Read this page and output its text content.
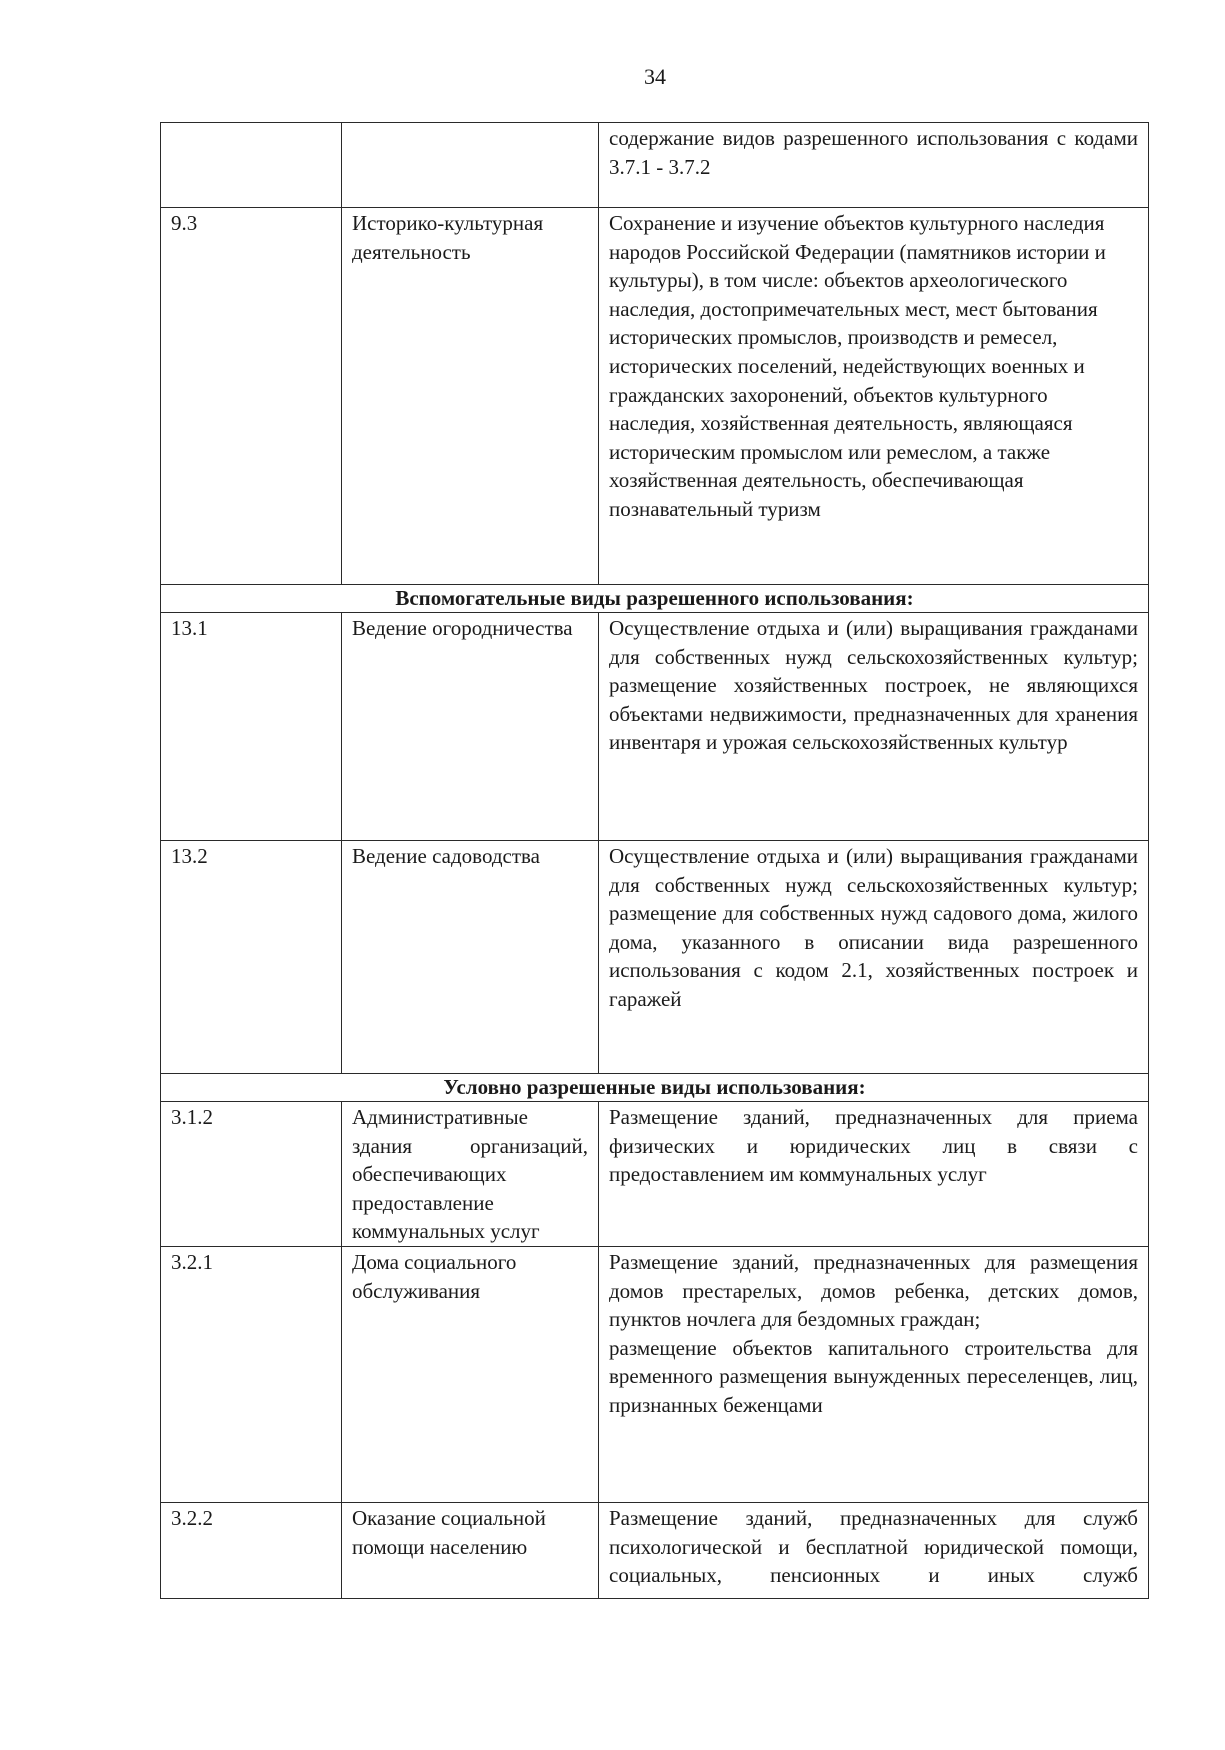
34
		содержание видов разрешенного использования с кодами 3.7.1 - 3.7.2
9.3	Историко-культурная деятельность	Сохранение и изучение объектов культурного наследия народов Российской Федерации (памятников истории и культуры), в том числе: объектов археологического наследия, достопримечательных мест, мест бытования исторических промыслов, производств и ремесел, исторических поселений, недействующих военных и гражданских захоронений, объектов культурного наследия, хозяйственная деятельность, являющаяся историческим промыслом или ремеслом, а также хозяйственная деятельность, обеспечивающая познавательный туризм
Вспомогательные виды разрешенного использования:		
13.1	Ведение огородничества	Осуществление отдыха и (или) выращивания гражданами для собственных нужд сельскохозяйственных культур; размещение хозяйственных построек, не являющихся объектами недвижимости, предназначенных для хранения инвентаря и урожая сельскохозяйственных культур
13.2	Ведение садоводства	Осуществление отдыха и (или) выращивания гражданами для собственных нужд сельскохозяйственных культур; размещение для собственных нужд садового дома, жилого дома, указанного в описании вида разрешенного использования с кодом 2.1, хозяйственных построек и гаражей
Условно разрешенные виды использования:		
3.1.2	Административные здания организаций, обеспечивающих предоставление коммунальных услуг	Размещение зданий, предназначенных для приема физических и юридических лиц в связи с предоставлением им коммунальных услуг
3.2.1	Дома социального обслуживания	Размещение зданий, предназначенных для размещения домов престарелых, домов ребенка, детских домов, пунктов ночлега для бездомных граждан;
размещение объектов капитального строительства для временного размещения вынужденных переселенцев, лиц, признанных беженцами

3.2.2	Оказание социальной помощи населению	Размещение зданий, предназначенных для служб психологической и бесплатной юридической помощи, социальных, пенсионных и иных служб
